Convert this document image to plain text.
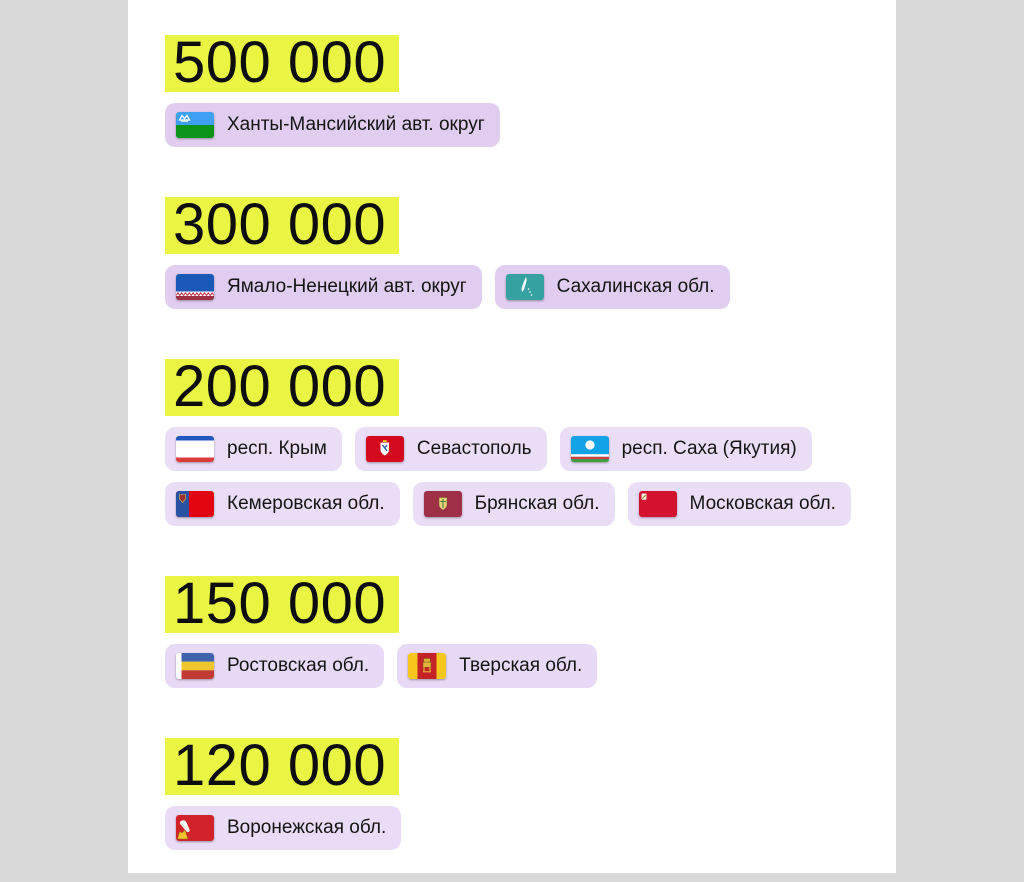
500 000
Ханты-Мансийский авт. округ
300 000
Ямало-Ненецкий авт. округ	Сахалинская обл.
200 000
респ. Крым	Севастополь	респ. Саха (Якутия)
Кемеровская обл.	Брянская обл.	Московская обл.
150 000
Ростовская обл.	Тверская обл.
120 000
Воронежская обл.
